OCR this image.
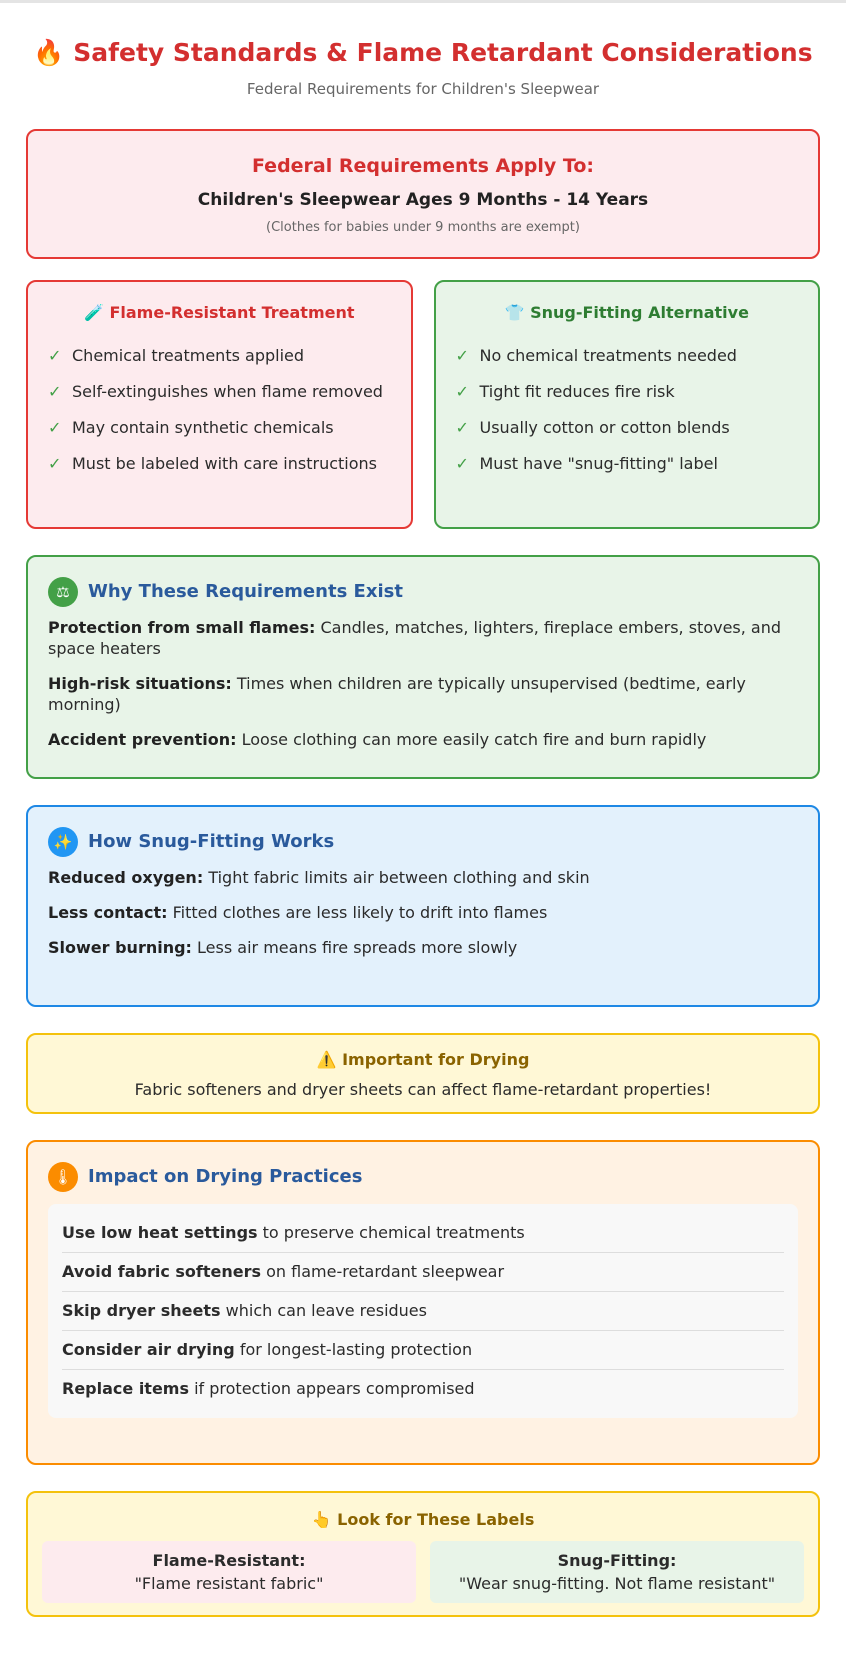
🔥 Safety Standards & Flame Retardant Considerations
Federal Requirements for Children's Sleepwear
Federal Requirements Apply To:
Children's Sleepwear Ages 9 Months - 14 Years
(Clothes for babies under 9 months are exempt)
🧪 Flame-Resistant Treatment
✓ Chemical treatments applied
✓ Self-extinguishes when flame removed
✓ May contain synthetic chemicals
✓ Must be labeled with care instructions
👕 Snug-Fitting Alternative
✓ No chemical treatments needed
✓ Tight fit reduces fire risk
✓ Usually cotton or cotton blends
✓ Must have "snug-fitting" label
⚖	Why These Requirements Exist

Protection from small flames: Candles, matches, lighters, fireplace embers, stoves, and space heaters

High-risk situations: Times when children are typically unsupervised (bedtime, early morning)

Accident prevention: Loose clothing can more easily catch fire and burn rapidly

✨ How Snug-Fitting Works

Reduced oxygen: Tight fabric limits air between clothing and skin

Less contact: Fitted clothes are less likely to drift into flames

Slower burning: Less air means fire spreads more slowly

⚠️ Important for Drying
Fabric softeners and dryer sheets can affect flame-retardant properties!
🌡 Impact on Drying Practices
Use low heat settings to preserve chemical treatments
Avoid fabric softeners on flame-retardant sleepwear
Skip dryer sheets which can leave residues
Consider air drying for longest-lasting protection
Replace items if protection appears compromised
👆 Look for These Labels
Flame-Resistant:
"Flame resistant fabric"
Snug-Fitting:
"Wear snug-fitting. Not flame resistant"
